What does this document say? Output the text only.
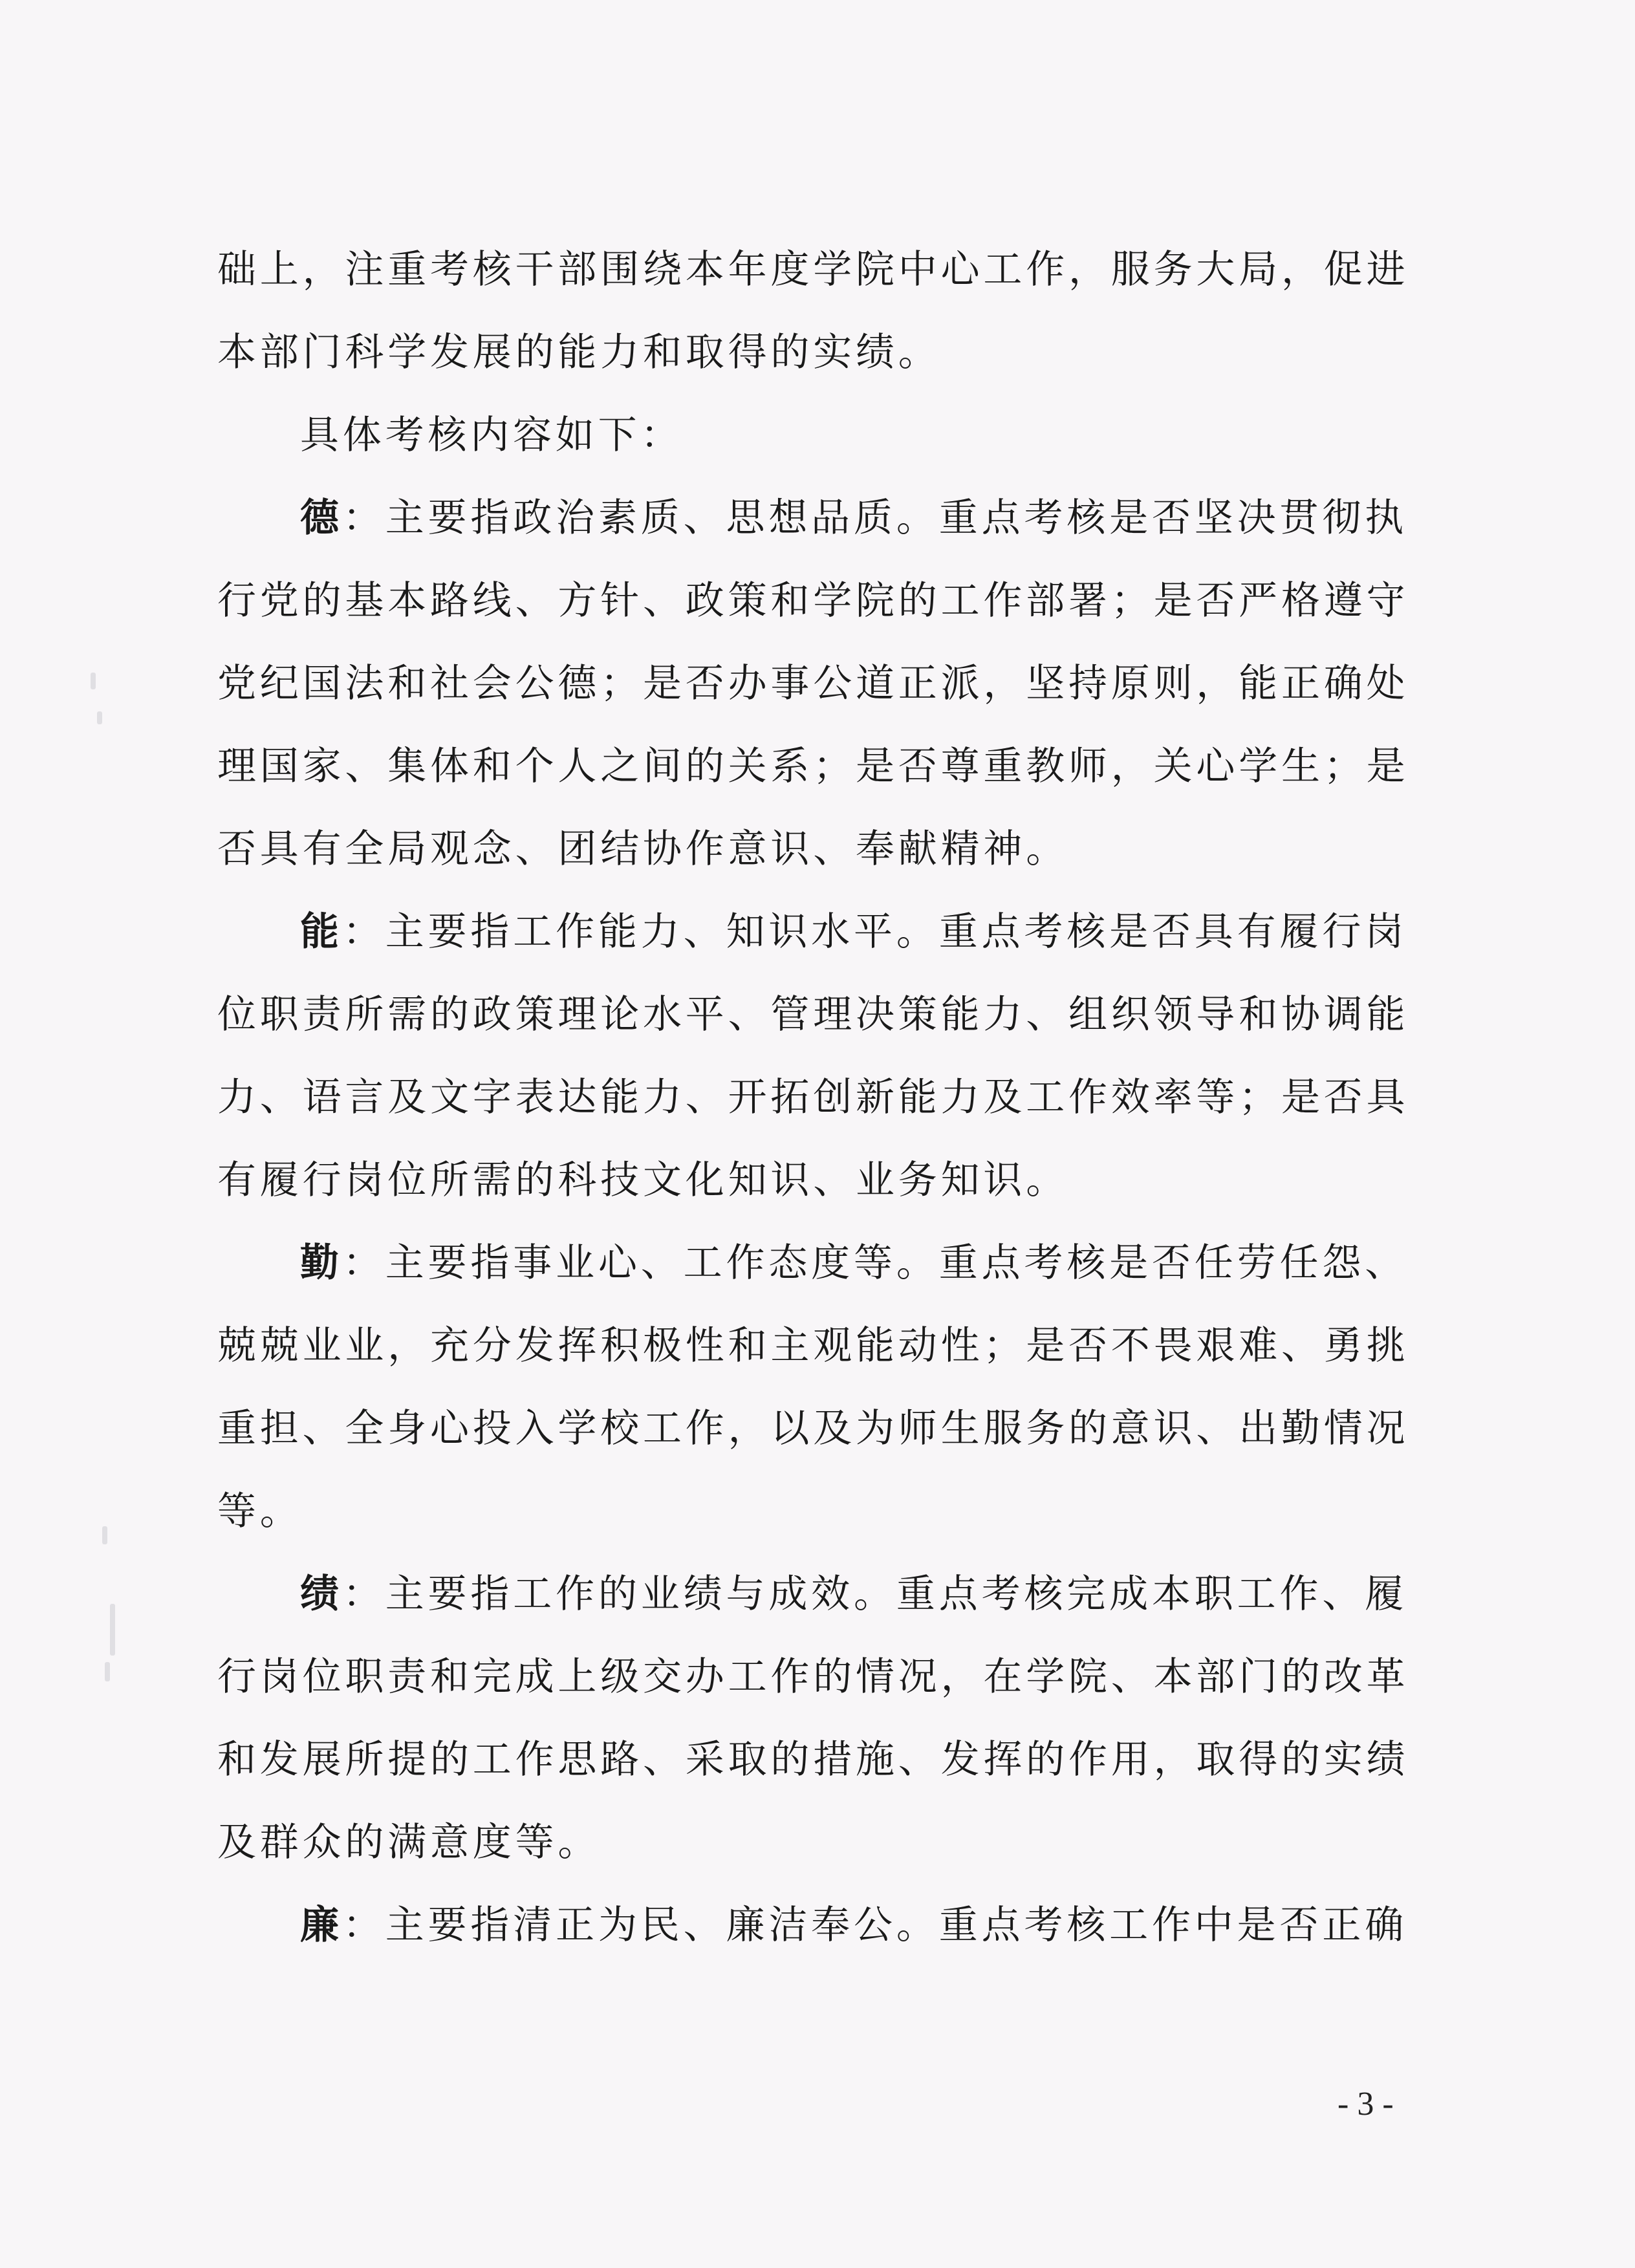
础上，注重考核干部围绕本年度学院中心工作，服务大局，促进
本部门科学发展的能力和取得的实绩。
具体考核内容如下：
德：主要指政治素质、思想品质。重点考核是否坚决贯彻执
行党的基本路线、方针、政策和学院的工作部署；是否严格遵守
党纪国法和社会公德；是否办事公道正派，坚持原则，能正确处
理国家、集体和个人之间的关系；是否尊重教师，关心学生；是
否具有全局观念、团结协作意识、奉献精神。
能：主要指工作能力、知识水平。重点考核是否具有履行岗
位职责所需的政策理论水平、管理决策能力、组织领导和协调能
力、语言及文字表达能力、开拓创新能力及工作效率等；是否具
有履行岗位所需的科技文化知识、业务知识。
勤：主要指事业心、工作态度等。重点考核是否任劳任怨、
兢兢业业，充分发挥积极性和主观能动性；是否不畏艰难、勇挑
重担、全身心投入学校工作，以及为师生服务的意识、出勤情况
等。
绩：主要指工作的业绩与成效。重点考核完成本职工作、履
行岗位职责和完成上级交办工作的情况，在学院、本部门的改革
和发展所提的工作思路、采取的措施、发挥的作用，取得的实绩
及群众的满意度等。
廉：主要指清正为民、廉洁奉公。重点考核工作中是否正确
- 3 -
